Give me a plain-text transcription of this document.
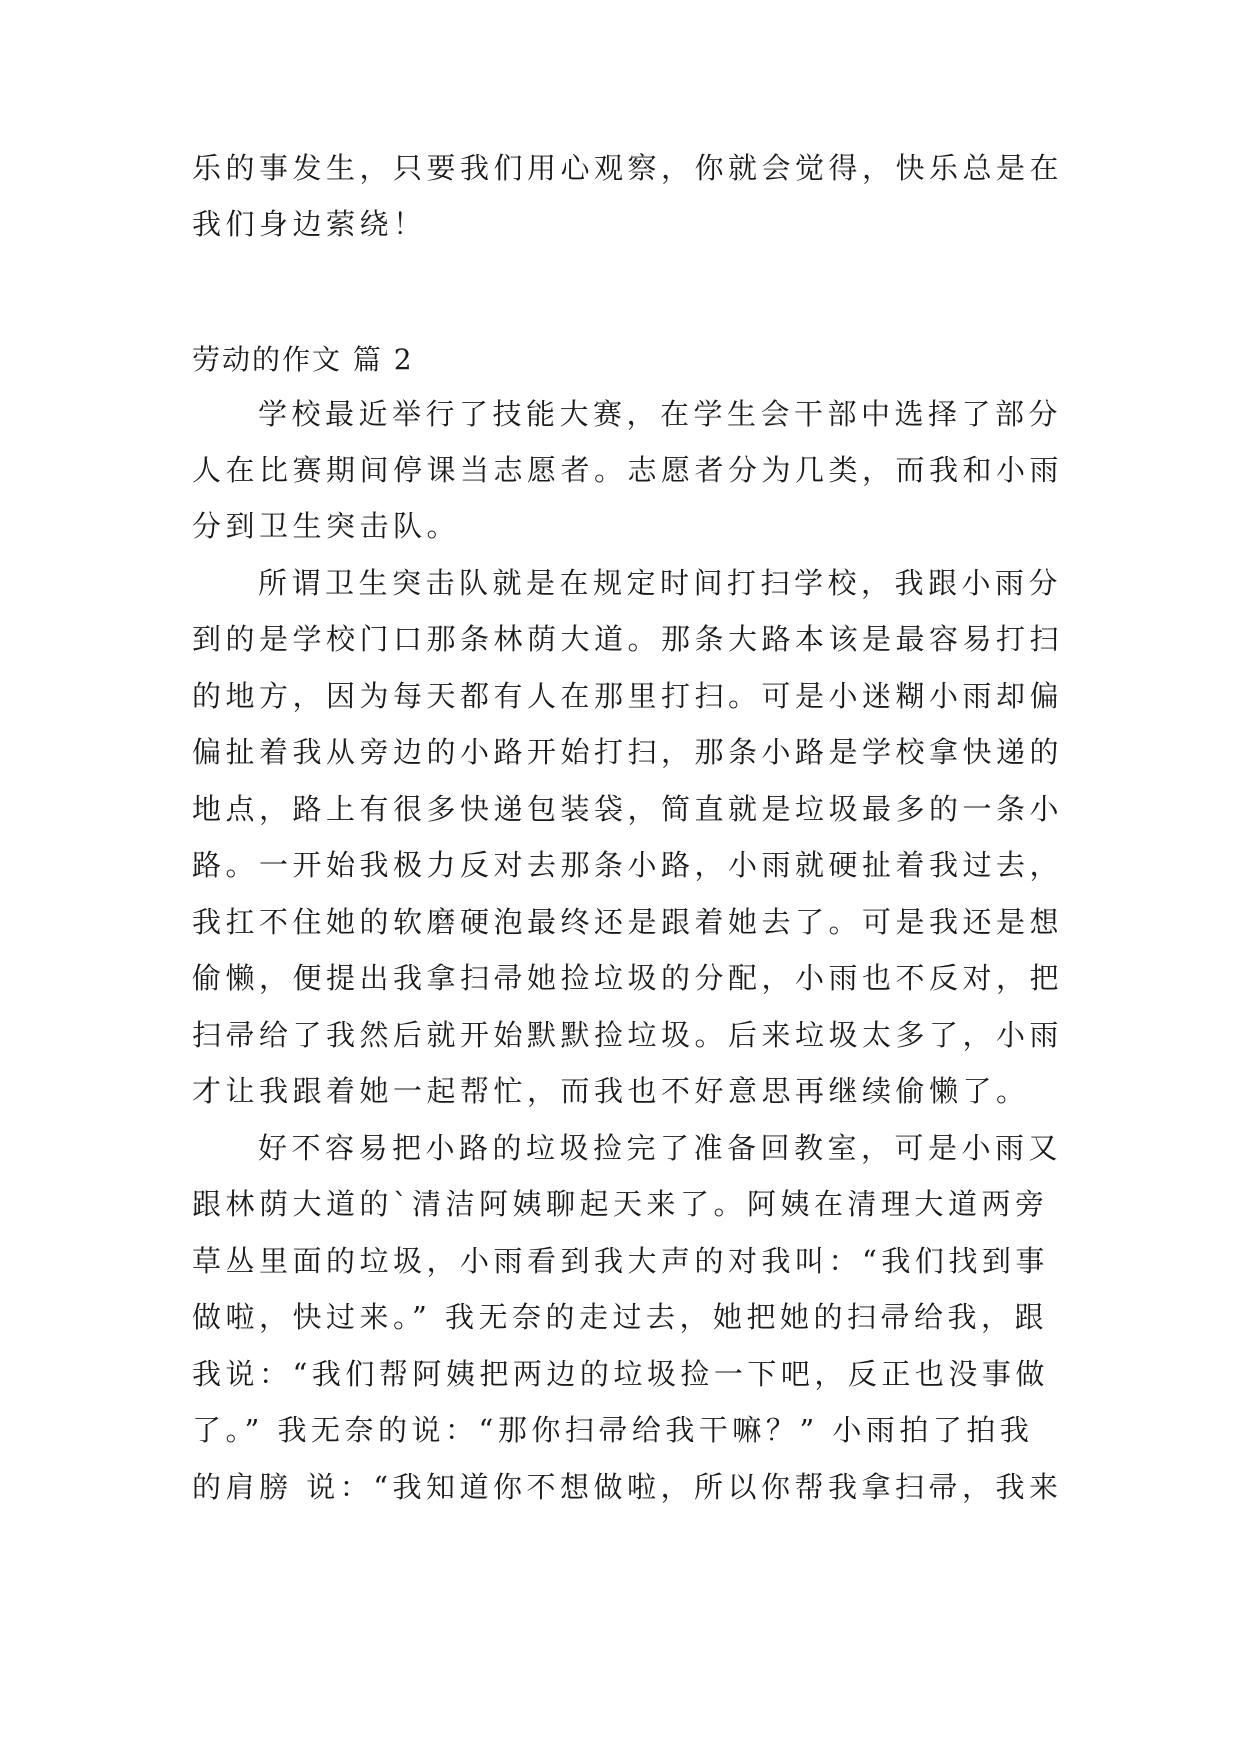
乐的事发生，只要我们用心观察，你就会觉得，快乐总是在
我们身边萦绕！
劳动的作文 篇 2
学校最近举行了技能大赛，在学生会干部中选择了部分
人在比赛期间停课当志愿者。志愿者分为几类，而我和小雨
分到卫生突击队。
所谓卫生突击队就是在规定时间打扫学校，我跟小雨分
到的是学校门口那条林荫大道。那条大路本该是最容易打扫
的地方，因为每天都有人在那里打扫。可是小迷糊小雨却偏
偏扯着我从旁边的小路开始打扫，那条小路是学校拿快递的
地点，路上有很多快递包装袋，简直就是垃圾最多的一条小
路。一开始我极力反对去那条小路，小雨就硬扯着我过去，
我扛不住她的软磨硬泡最终还是跟着她去了。可是我还是想
偷懒，便提出我拿扫帚她捡垃圾的分配，小雨也不反对，把
扫帚给了我然后就开始默默捡垃圾。后来垃圾太多了，小雨
才让我跟着她一起帮忙，而我也不好意思再继续偷懒了。
好不容易把小路的垃圾捡完了准备回教室，可是小雨又
跟林荫大道的`清洁阿姨聊起天来了。阿姨在清理大道两旁
草丛里面的垃圾，小雨看到我大声的对我叫：“我们找到事
做啦，快过来。” 我无奈的走过去，她把她的扫帚给我，跟
我说：“我们帮阿姨把两边的垃圾捡一下吧，反正也没事做
了。” 我无奈的说：“那你扫帚给我干嘛？” 小雨拍了拍我
的肩膀 说：“我知道你不想做啦，所以你帮我拿扫帚，我来
